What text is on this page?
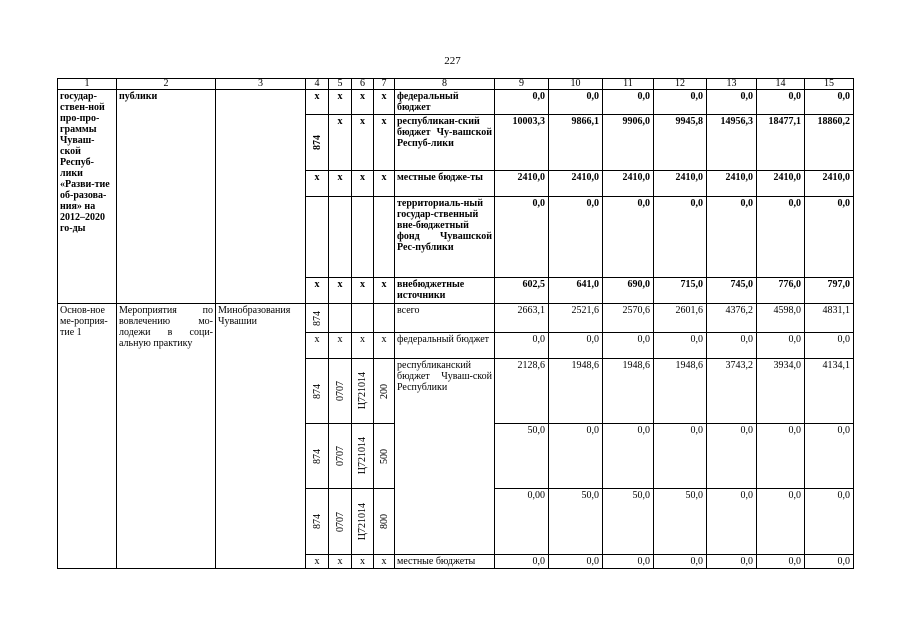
227
1	2	3	4	5	6	7	8	9	10	11	12	13	14	15
государ-ствен-ной про-про-граммы Чуваш-ской Респуб-лики «Разви-тие об-разова-ния» на 2012–2020 го-ды	публики		x	x	x	x	федеральный бюджет	0,0	0,0	0,0	0,0	0,0	0,0	0,0

			874	x	x	x	республикан-ский бюджет Чу-вашской Респуб-лики	10003,3	9866,1	9906,0	9945,8	14956,3	18477,1	18860,2
			x	x	x	x	местные бюдже-ты	2410,0	2410,0	2410,0	2410,0	2410,0	2410,0	2410,0
							территориаль-ный государ-ственный вне-бюджетный фонд Чувашской Рес-публики	0,0	0,0	0,0	0,0	0,0	0,0	0,0
			x	x	x	x	внебюджетные источники	602,5	641,0	690,0	715,0	745,0	776,0	797,0
Основ-ное ме-роприя-тие 1	Мероприятия по вовлечению мо-лодежи в соци-альную практику	Минобразования Чувашии	874				всего	2663,1	2521,6	2570,6	2601,6	4376,2	4598,0	4831,1
			x	x	x	x	федеральный бюджет	0,0	0,0	0,0	0,0	0,0	0,0	0,0

			874	0707	Ц721014	200	республиканский бюджет Чуваш-ской Республики	2128,6	1948,6	1948,6	1948,6	3743,2	3934,0	4134,1

			874	0707	Ц721014	500		50,0	0,0	0,0	0,0	0,0	0,0	0,0

			874	0707	Ц721014	800		0,00	50,0	50,0	50,0	0,0	0,0	0,0
			x	x	x	x	местные бюджеты	0,0	0,0	0,0	0,0	0,0	0,0	0,0
